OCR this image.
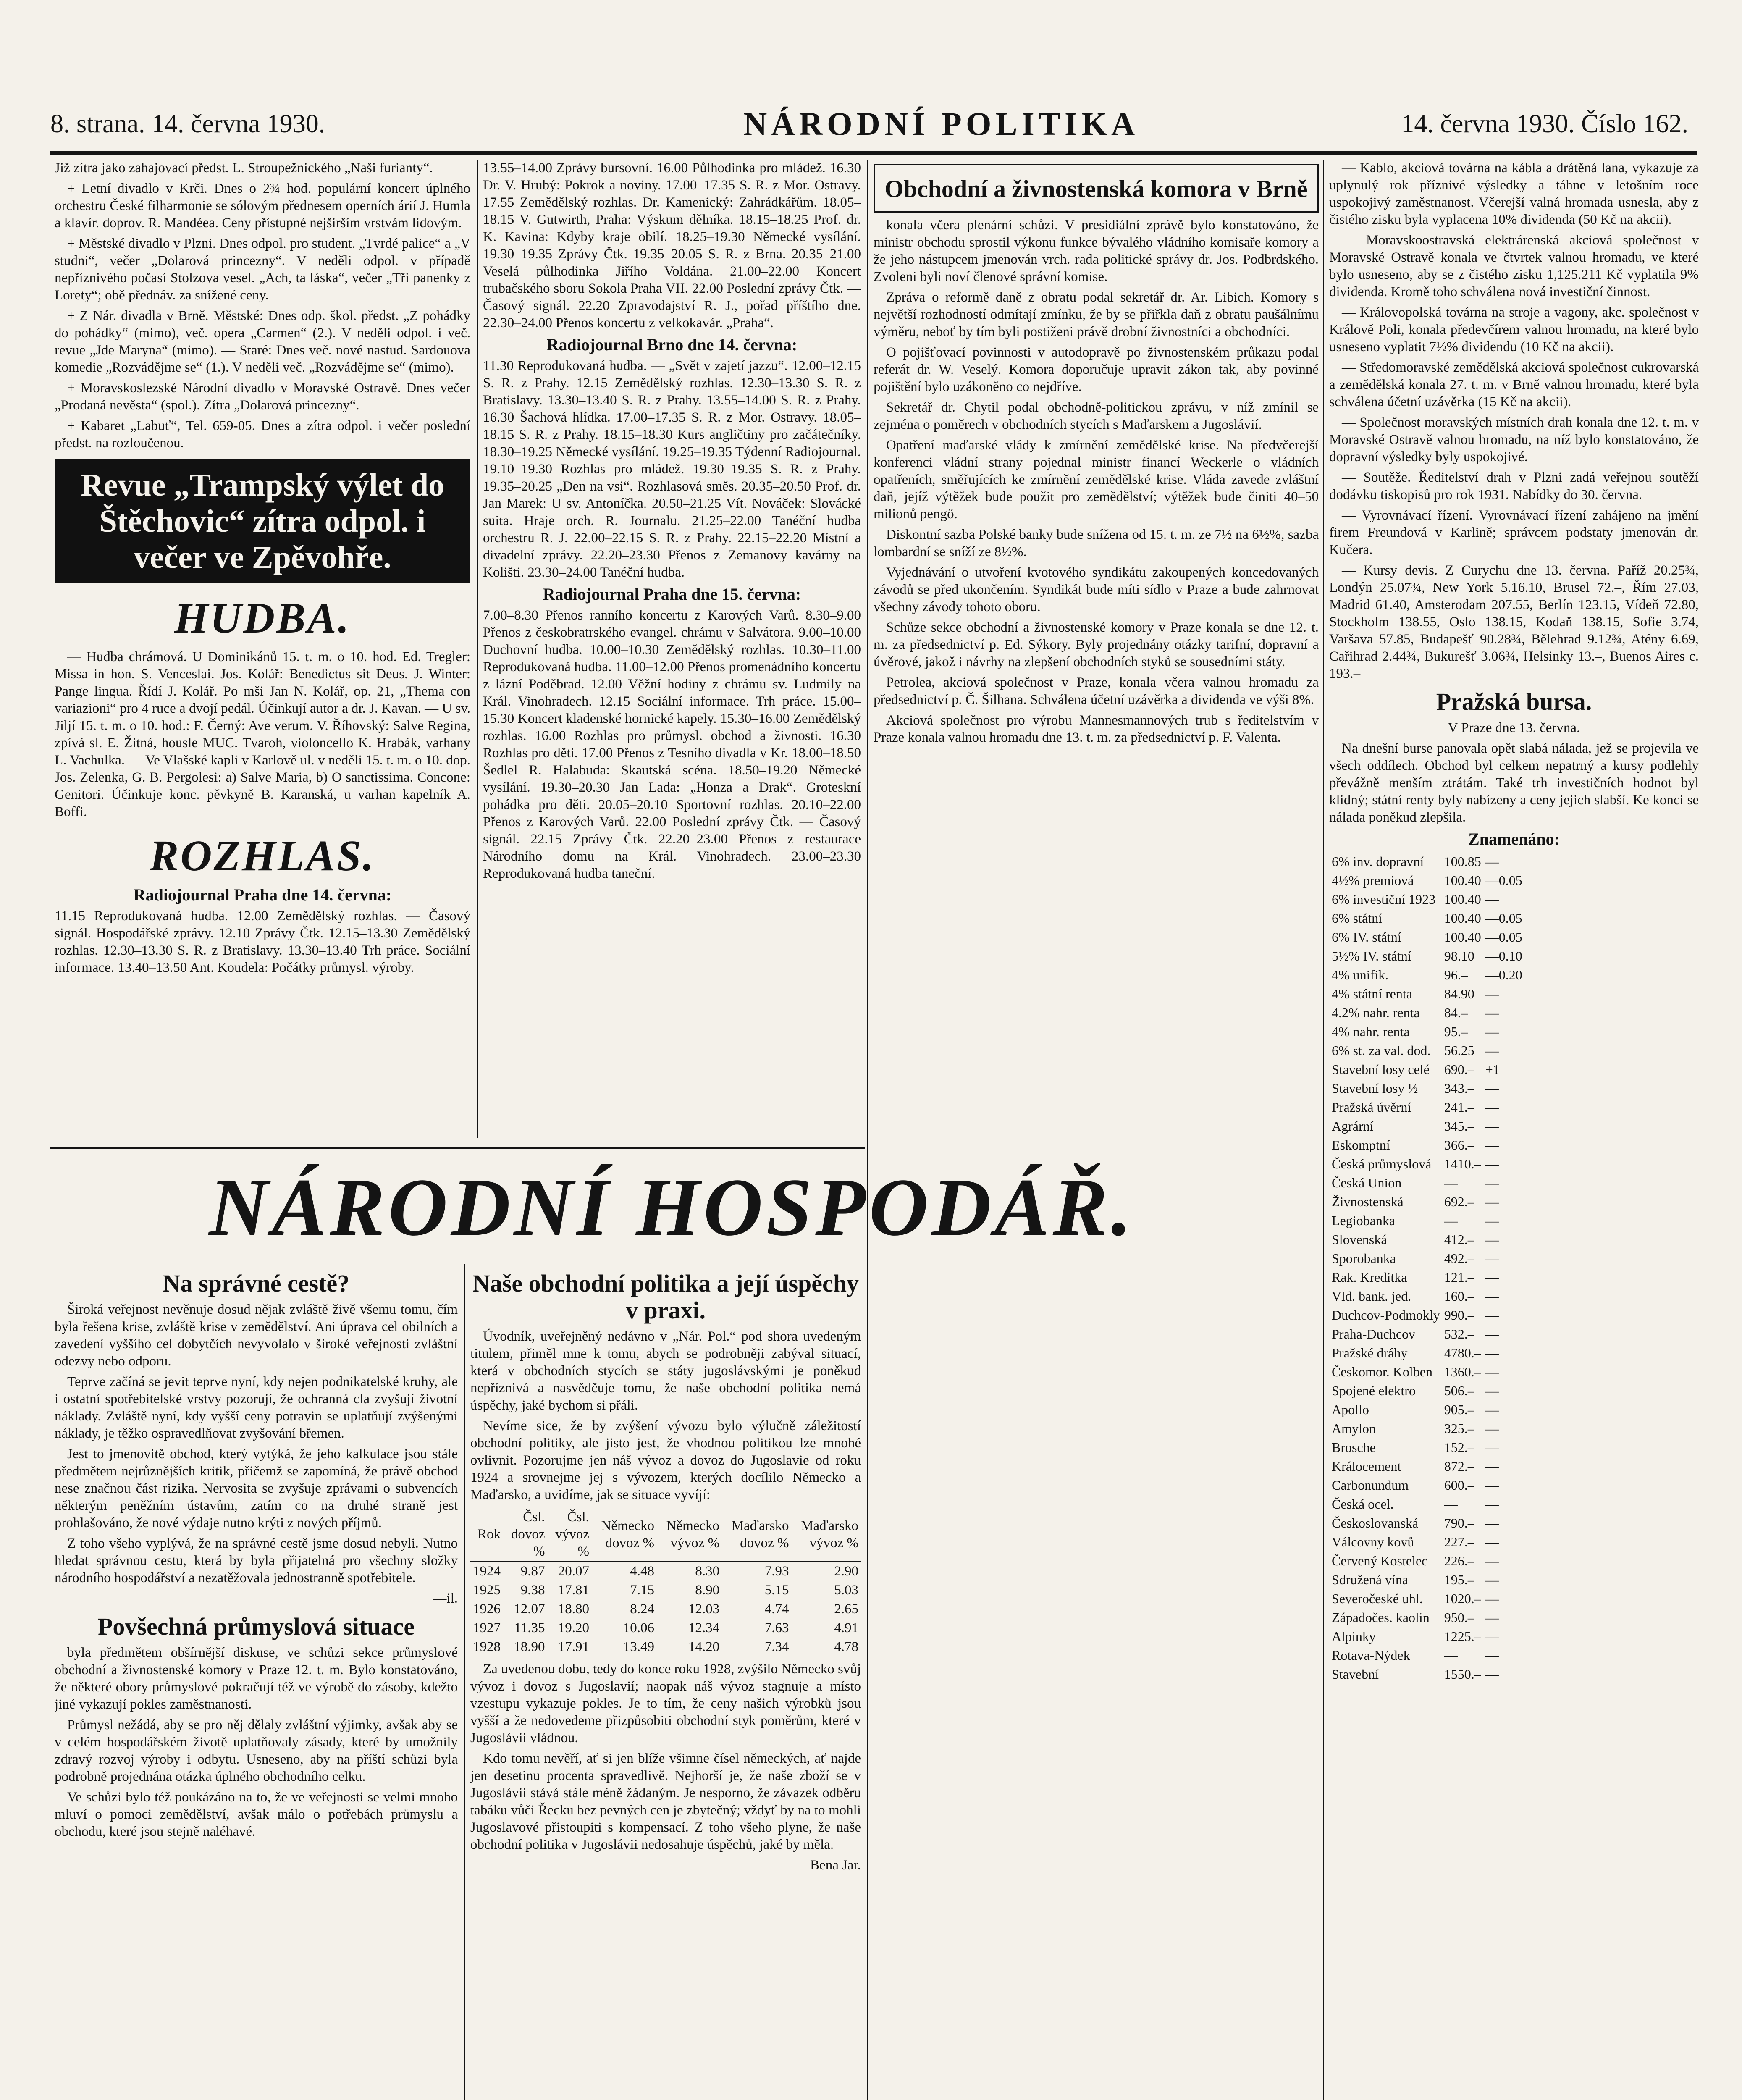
8. strana. 14. června 1930.	NÁRODNÍ POLITIKA	14. června 1930. Číslo 162.

Již zítra jako zahajovací předst. L. Stroupežnického „Naši furianty“.

+ Letní divadlo v Krči. Dnes o 2¾ hod. populární koncert úplného orchestru České filharmonie se sólovým přednesem operních árií J. Humla a klavír. doprov. R. Mandéea. Ceny přístupné nejširším vrstvám lidovým.

+ Městské divadlo v Plzni. Dnes odpol. pro student. „Tvrdé palice“ a „V studni“, večer „Dolarová princezny“. V neděli odpol. v případě nepříznivého počasí Stolzova vesel. „Ach, ta láska“, večer „Tři panenky z Lorety“; obě přednáv. za snížené ceny.

+ Z Nár. divadla v Brně. Městské: Dnes odp. škol. předst. „Z pohádky do pohádky“ (mimo), več. opera „Carmen“ (2.). V neděli odpol. i več. revue „Jde Maryna“ (mimo). — Staré: Dnes več. nové nastud. Sardouova komedie „Rozvádějme se“ (1.). V neděli več. „Rozvádějme se“ (mimo).

+ Moravskoslezské Národní divadlo v Moravské Ostravě. Dnes večer „Prodaná nevěsta“ (spol.). Zítra „Dolarová princezny“.

+ Kabaret „Labuť“, Tel. 659-05. Dnes a zítra odpol. i večer poslední předst. na rozloučenou.

Revue „Trampský výlet do Štěchovic“ zítra odpol. i večer ve Zpěvohře.
HUDBA.

— Hudba chrámová. U Dominikánů 15. t. m. o 10. hod. Ed. Tregler: Missa in hon. S. Venceslai. Jos. Kolář: Benedictus sit Deus. J. Winter: Pange lingua. Řídí J. Kolář. Po mši Jan N. Kolář, op. 21, „Thema con variazioni“ pro 4 ruce a dvojí pedál. Účinkují autor a dr. J. Kavan. — U sv. Jiljí 15. t. m. o 10. hod.: F. Černý: Ave verum. V. Říhovský: Salve Regina, zpívá sl. E. Žitná, housle MUC. Tvaroh, violoncello K. Hrabák, varhany L. Vachulka. — Ve Vlašské kapli v Karlově ul. v neděli 15. t. m. o 10. dop. Jos. Zelenka, G. B. Pergolesi: a) Salve Maria, b) O sanctissima. Concone: Genitori. Účinkuje konc. pěvkyně B. Karanská, u varhan kapelník A. Boffi.

ROZHLAS.
Radiojournal Praha dne 14. června:

11.15 Reprodukovaná hudba. 12.00 Zemědělský rozhlas. — Časový signál. Hospodářské zprávy. 12.10 Zprávy Čtk. 12.15–13.30 Zemědělský rozhlas. 12.30–13.30 S. R. z Bratislavy. 13.30–13.40 Trh práce. Sociální informace. 13.40–13.50 Ant. Koudela: Počátky průmysl. výroby.

13.55–14.00 Zprávy bursovní. 16.00 Půlhodinka pro mládež. 16.30 Dr. V. Hrubý: Pokrok a noviny. 17.00–17.35 S. R. z Mor. Ostravy. 17.55 Zemědělský rozhlas. Dr. Kamenický: Zahrádkářům. 18.05–18.15 V. Gutwirth, Praha: Výskum dělníka. 18.15–18.25 Prof. dr. K. Kavina: Kdyby kraje obilí. 18.25–19.30 Německé vysílání. 19.30–19.35 Zprávy Čtk. 19.35–20.05 S. R. z Brna. 20.35–21.00 Veselá půlhodinka Jiřího Voldána. 21.00–22.00 Koncert trubačského sboru Sokola Praha VII. 22.00 Poslední zprávy Čtk. — Časový signál. 22.20 Zpravodajství R. J., pořad příštího dne. 22.30–24.00 Přenos koncertu z velkokavár. „Praha“.

Radiojournal Brno dne 14. června:

11.30 Reprodukovaná hudba. — „Svět v zajetí jazzu“. 12.00–12.15 S. R. z Prahy. 12.15 Zemědělský rozhlas. 12.30–13.30 S. R. z Bratislavy. 13.30–13.40 S. R. z Prahy. 13.55–14.00 S. R. z Prahy. 16.30 Šachová hlídka. 17.00–17.35 S. R. z Mor. Ostravy. 18.05–18.15 S. R. z Prahy. 18.15–18.30 Kurs angličtiny pro začátečníky. 18.30–19.25 Německé vysílání. 19.25–19.35 Týdenní Radiojournal. 19.10–19.30 Rozhlas pro mládež. 19.30–19.35 S. R. z Prahy. 19.35–20.25 „Den na vsi“. Rozhlasová směs. 20.35–20.50 Prof. dr. Jan Marek: U sv. Antoníčka. 20.50–21.25 Vít. Nováček: Slovácké suita. Hraje orch. R. Journalu. 21.25–22.00 Tanéční hudba orchestru R. J. 22.00–22.15 S. R. z Prahy. 22.15–22.20 Místní a divadelní zprávy. 22.20–23.30 Přenos z Zemanovy kavárny na Kolišti. 23.30–24.00 Tanéční hudba.

Radiojournal Praha dne 15. června:

7.00–8.30 Přenos ranního koncertu z Karových Varů. 8.30–9.00 Přenos z českobratrského evangel. chrámu v Salvátora. 9.00–10.00 Duchovní hudba. 10.00–10.30 Zemědělský rozhlas. 10.30–11.00 Reprodukovaná hudba. 11.00–12.00 Přenos promenádního koncertu z lázní Poděbrad. 12.00 Věžní hodiny z chrámu sv. Ludmily na Král. Vinohradech. 12.15 Sociální informace. Trh práce. 15.00–15.30 Koncert kladenské hornické kapely. 15.30–16.00 Zemědělský rozhlas. 16.00 Rozhlas pro průmysl. obchod a živnosti. 16.30 Rozhlas pro děti. 17.00 Přenos z Tesního divadla v Kr. 18.00–18.50 Šedlel R. Halabuda: Skautská scéna. 18.50–19.20 Německé vysílání. 19.30–20.30 Jan Lada: „Honza a Drak“. Groteskní pohádka pro děti. 20.05–20.10 Sportovní rozhlas. 20.10–22.00 Přenos z Karových Varů. 22.00 Poslední zprávy Čtk. — Časový signál. 22.15 Zprávy Čtk. 22.20–23.00 Přenos z restaurace Národního domu na Král. Vinohradech. 23.00–23.30 Reprodukovaná hudba taneční.

NÁRODNÍ HOSPODÁŘ.
Na správné cestě?

Široká veřejnost nevěnuje dosud nějak zvláště živě všemu tomu, čím byla řešena krise, zvláště krise v zemědělství. Ani úprava cel obilních a zavedení vyššího cel dobytčích nevyvolalo v široké veřejnosti zvláštní odezvy nebo odporu.

Teprve začíná se jevit teprve nyní, kdy nejen podnikatelské kruhy, ale i ostatní spotřebitelské vrstvy pozorují, že ochranná cla zvyšují životní náklady. Zvláště nyní, kdy vyšší ceny potravin se uplatňují zvýšenými náklady, je těžko ospravedlňovat zvyšování břemen.

Jest to jmenovitě obchod, který vytýká, že jeho kalkulace jsou stále předmětem nejrůznějších kritik, přičemž se zapomíná, že právě obchod nese značnou část rizika. Nervosita se zvyšuje zprávami o subvencích některým peněžním ústavům, zatím co na druhé straně jest prohlašováno, že nové výdaje nutno krýti z nových příjmů.

Z toho všeho vyplývá, že na správné cestě jsme dosud nebyli. Nutno hledat správnou cestu, která by byla přijatelná pro všechny složky národního hospodářství a nezatěžovala jednostranně spotřebitele.

—il.

Povšechná průmyslová situace

byla předmětem obšírnější diskuse, ve schůzi sekce průmyslové obchodní a živnostenské komory v Praze 12. t. m. Bylo konstatováno, že některé obory průmyslové pokračují též ve výrobě do zásoby, kdežto jiné vykazují pokles zaměstnanosti.

Průmysl nežádá, aby se pro něj dělaly zvláštní výjimky, avšak aby se v celém hospodářském životě uplatňovaly zásady, které by umožnily zdravý rozvoj výroby i odbytu. Usneseno, aby na příští schůzi byla podrobně projednána otázka úplného obchodního celku.

Ve schůzi bylo též poukázáno na to, že ve veřejnosti se velmi mnoho mluví o pomoci zemědělství, avšak málo o potřebách průmyslu a obchodu, které jsou stejně naléhavé.

Naše obchodní politika a její úspěchy v praxi.

Úvodník, uveřejněný nedávno v „Nár. Pol.“ pod shora uvedeným titulem, přiměl mne k tomu, abych se podrobněji zabýval situací, která v obchodních stycích se státy jugoslávskými je poněkud nepříznivá a nasvědčuje tomu, že naše obchodní politika nemá úspěchy, jaké bychom si přáli.

Nevíme sice, že by zvýšení vývozu bylo výlučně záležitostí obchodní politiky, ale jisto jest, že vhodnou politikou lze mnohé ovlivnit. Pozorujme jen náš vývoz a dovoz do Jugoslavie od roku 1924 a srovnejme jej s vývozem, kterých docílilo Německo a Maďarsko, a uvidíme, jak se situace vyvíjí:

Rok	Čsl. dovoz %	Čsl. vývoz %	Německo dovoz %	Německo vývoz %	Maďarsko dovoz %	Maďarsko vývoz %
1924	9.87	20.07	4.48	8.30	7.93	2.90
1925	9.38	17.81	7.15	8.90	5.15	5.03
1926	12.07	18.80	8.24	12.03	4.74	2.65
1927	11.35	19.20	10.06	12.34	7.63	4.91
1928	18.90	17.91	13.49	14.20	7.34	4.78

Za uvedenou dobu, tedy do konce roku 1928, zvýšilo Německo svůj vývoz i dovoz s Jugoslavií; naopak náš vývoz stagnuje a místo vzestupu vykazuje pokles. Je to tím, že ceny našich výrobků jsou vyšší a že nedovedeme přizpůsobiti obchodní styk poměrům, které v Jugoslávii vládnou.

Kdo tomu nevěří, ať si jen blíže všimne čísel německých, ať najde jen desetinu procenta spravedlivě. Nejhorší je, že naše zboží se v Jugoslávii stává stále méně žádaným. Je nesporno, že závazek odběru tabáku vůči Řecku bez pevných cen je zbytečný; vždyť by na to mohli Jugoslavové přistoupiti s kompensací. Z toho všeho plyne, že naše obchodní politika v Jugoslávii nedosahuje úspěchů, jaké by měla.

Bena Jar.

Obchodní a živnostenská komora v Brně

konala včera plenární schůzi. V presidiální zprávě bylo konstatováno, že ministr obchodu sprostil výkonu funkce bývalého vládního komisaře komory a že jeho nástupcem jmenován vrch. rada politické správy dr. Jos. Podbrdského. Zvoleni byli noví členové správní komise.

Zpráva o reformě daně z obratu podal sekretář dr. Ar. Libich. Komory s největší rozhodností odmítají zmínku, že by se přiřkla daň z obratu paušálnímu výměru, neboť by tím byli postiženi právě drobní živnostníci a obchodníci.

O pojišťovací povinnosti v autodopravě po živnostenském průkazu podal referát dr. W. Veselý. Komora doporučuje upravit zákon tak, aby povinné pojištění bylo uzákoněno co nejdříve.

Sekretář dr. Chytil podal obchodně-politickou zprávu, v níž zmínil se zejména o poměrech v obchodních stycích s Maďarskem a Jugoslávií.

Opatření maďarské vlády k zmírnění zemědělské krise. Na předvčerejší konferenci vládní strany pojednal ministr financí Weckerle o vládních opatřeních, směřujících ke zmírnění zemědělské krise. Vláda zavede zvláštní daň, jejíž výtěžek bude použit pro zemědělství; výtěžek bude činiti 40–50 milionů pengő.

Diskontní sazba Polské banky bude snížena od 15. t. m. ze 7½ na 6½%, sazba lombardní se sníží ze 8½%.

Vyjednávání o utvoření kvotového syndikátu zakoupených koncedovaných závodů se před ukončením. Syndikát bude míti sídlo v Praze a bude zahrnovat všechny závody tohoto oboru.

Schůze sekce obchodní a živnostenské komory v Praze konala se dne 12. t. m. za předsednictví p. Ed. Sýkory. Byly projednány otázky tarifní, dopravní a úvěrové, jakož i návrhy na zlepšení obchodních styků se sousedními státy.

Petrolea, akciová společnost v Praze, konala včera valnou hromadu za předsednictví p. Č. Šilhana. Schválena účetní uzávěrka a dividenda ve výši 8%.

Akciová společnost pro výrobu Mannesmannových trub s ředitelstvím v Praze konala valnou hromadu dne 13. t. m. za předsednictví p. F. Valenta.

— Kablo, akciová továrna na kábla a drátěná lana, vykazuje za uplynulý rok příznivé výsledky a táhne v letošním roce uspokojivý zaměstnanost. Včerejší valná hromada usnesla, aby z čistého zisku byla vyplacena 10% dividenda (50 Kč na akcii).

— Moravskoostravská elektrárenská akciová společnost v Moravské Ostravě konala ve čtvrtek valnou hromadu, ve které bylo usneseno, aby se z čistého zisku 1,125.211 Kč vyplatila 9% dividenda. Kromě toho schválena nová investiční činnost.

— Královopolská továrna na stroje a vagony, akc. společnost v Králově Poli, konala předevčírem valnou hromadu, na které bylo usneseno vyplatit 7½% dividendu (10 Kč na akcii).

— Středomoravské zemědělská akciová společnost cukrovarská a zemědělská konala 27. t. m. v Brně valnou hromadu, které byla schválena účetní uzávěrka (15 Kč na akcii).

— Společnost moravských místních drah konala dne 12. t. m. v Moravské Ostravě valnou hromadu, na níž bylo konstatováno, že dopravní výsledky byly uspokojivé.

— Soutěže. Ředitelství drah v Plzni zadá veřejnou soutěží dodávku tiskopisů pro rok 1931. Nabídky do 30. června.

— Vyrovnávací řízení. Vyrovnávací řízení zahájeno na jmění firem Freundová v Karlině; správcem podstaty jmenován dr. Kučera.

— Kursy devis. Z Curychu dne 13. června. Paříž 20.25¾, Londýn 25.07¾, New York 5.16.10, Brusel 72.–, Řím 27.03, Madrid 61.40, Amsterodam 207.55, Berlín 123.15, Vídeň 72.80, Stockholm 138.55, Oslo 138.15, Kodaň 138.15, Sofie 3.74, Varšava 57.85, Budapešť 90.28¾, Bělehrad 9.12¾, Atény 6.69, Cařihrad 2.44¾, Bukurešť 3.06¾, Helsinky 13.–, Buenos Aires c. 193.–

Pražská bursa.

V Praze dne 13. června.

Na dnešní burse panovala opět slabá nálada, jež se projevila ve všech oddílech. Obchod byl celkem nepatrný a kursy podlehly převážně menším ztrátám. Také trh investičních hodnot byl klidný; státní renty byly nabízeny a ceny jejich slabší. Ke konci se nálada poněkud zlepšila.

Znamenáno:
6% inv. dopravní	100.85	—
4½% premiová	100.40	—0.05
6% investiční 1923	100.40	—
6% státní	100.40	—0.05
6% IV. státní	100.40	—0.05
5½% IV. státní	98.10	—0.10
4% unifik.	96.–	—0.20
4% státní renta	84.90	—
4.2% nahr. renta	84.–	—
4% nahr. renta	95.–	—
6% st. za val. dod.	56.25	—
Stavební losy celé	690.–	+1
Stavební losy ½	343.–	—
Pražská úvěrní	241.–	—
Agrární	345.–	—
Eskomptní	366.–	—
Česká průmyslová	1410.–	—
Česká Union	—	—
Živnostenská	692.–	—
Legiobanka	—	—
Slovenská	412.–	—
Sporobanka	492.–	—
Rak. Kreditka	121.–	—
Vld. bank. jed.	160.–	—
Duchcov-Podmokly	990.–	—
Praha-Duchcov	532.–	—
Pražské dráhy	4780.–	—
Českomor. Kolben	1360.–	—
Spojené elektro	506.–	—
Apollo	905.–	—
Amylon	325.–	—
Brosche	152.–	—
Králocement	872.–	—
Carbonundum	600.–	—
Česká ocel.	—	—
Českoslovanská	790.–	—
Válcovny kovů	227.–	—
Červený Kostelec	226.–	—
Sdružená vína	195.–	—
Severočeské uhl.	1020.–	—
Západočes. kaolin	950.–	—
Alpinky	1225.–	—
Rotava-Nýdek	—	—
Stavební	1550.–	—
